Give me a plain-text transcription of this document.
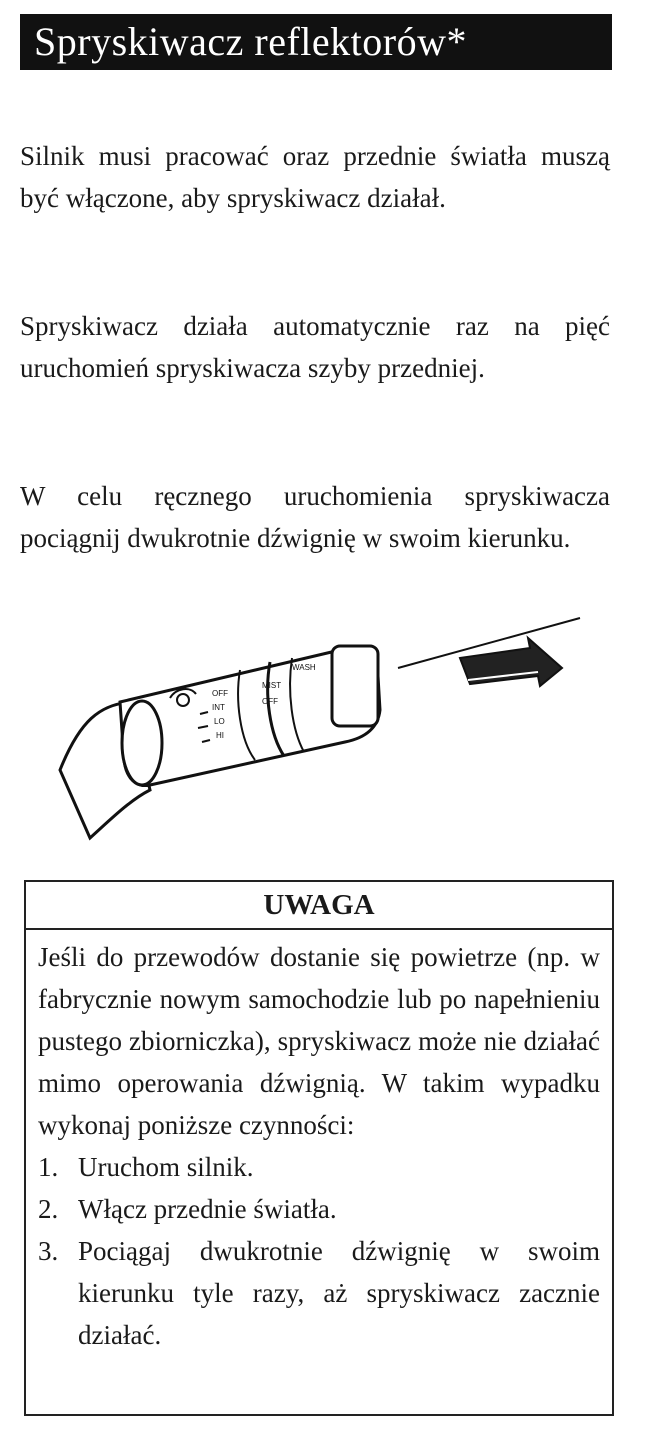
Spryskiwacz reflektorów*

Silnik musi pracować oraz przednie światła muszą być włączone, aby spryskiwacz działał.

Spryskiwacz działa automatycznie raz na pięć uruchomień spryskiwacza szyby przedniej.

W celu ręcznego uruchomienia spryskiwacza pociągnij dwukrotnie dźwignię w swoim kierunku.

OFF
INT
LO
HI
MIST
OFF
WASH
UWAGA
Jeśli do przewodów dostanie się powietrze (np. w fabrycznie nowym samochodzie lub po napełnieniu pustego zbiorniczka), spryskiwacz może nie działać mimo operowania dźwignią. W takim wypadku wykonaj poniższe czynności:
1. Uruchom silnik.
2. Włącz przednie światła.
3. Pociągaj dwukrotnie dźwignię w swoim kierunku tyle razy, aż spryskiwacz zacznie działać.
